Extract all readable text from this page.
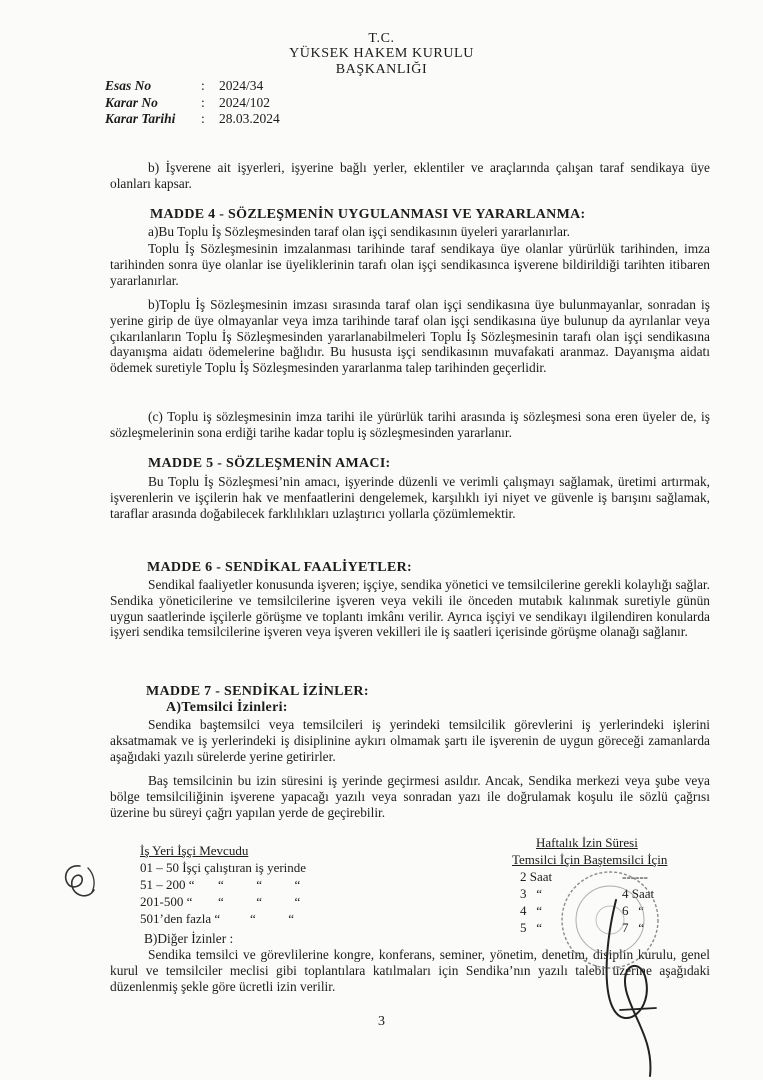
T.C.
YÜKSEK HAKEM KURULU
BAŞKANLIĞI
Esas No	:	2024/34
Karar No	:	2024/102
Karar Tarihi	:	28.03.2024
b) İşverene ait işyerleri, işyerine bağlı yerler, eklentiler ve araçlarında çalışan taraf sendikaya üye olanları kapsar.
MADDE 4 - SÖZLEŞMENİN UYGULANMASI VE YARARLANMA:
a)Bu Toplu İş Sözleşmesinden taraf olan işçi sendikasının üyeleri yararlanırlar.
Toplu İş Sözleşmesinin imzalanması tarihinde taraf sendikaya üye olanlar yürürlük tarihinden, imza tarihinden sonra üye olanlar ise üyeliklerinin tarafı olan işçi sendikasınca işverene bildirildiği tarihten itibaren yararlanırlar.
b)Toplu İş Sözleşmesinin imzası sırasında taraf olan işçi sendikasına üye bulunmayanlar, sonradan iş yerine girip de üye olmayanlar veya imza tarihinde taraf olan işçi sendikasına üye bulunup da ayrılanlar veya çıkarılanların Toplu İş Sözleşmesinden yararlanabilmeleri Toplu İş Sözleşmesinin tarafı olan işçi sendikasına dayanışma aidatı ödemelerine bağlıdır. Bu hususta işçi sendikasının muvafakati aranmaz. Dayanışma aidatı ödemek suretiyle Toplu İş Sözleşmesinden yararlanma talep tarihinden geçerlidir.
(c) Toplu iş sözleşmesinin imza tarihi ile yürürlük tarihi arasında iş sözleşmesi sona eren üyeler de, iş sözleşmelerinin sona erdiği tarihe kadar toplu iş sözleşmesinden yararlanır.
MADDE 5 - SÖZLEŞMENİN AMACI:
Bu Toplu İş Sözleşmesi’nin amacı, işyerinde düzenli ve verimli çalışmayı sağlamak, üretimi artırmak, işverenlerin ve işçilerin hak ve menfaatlerini dengelemek, karşılıklı iyi niyet ve güvenle iş barışını sağlamak, taraflar arasında doğabilecek farklılıkları uzlaştırıcı yollarla çözümlemektir.
MADDE 6 - SENDİKAL FAALİYETLER:
Sendikal faaliyetler konusunda işveren; işçiye, sendika yönetici ve temsilcilerine gerekli kolaylığı sağlar. Sendika yöneticilerine ve temsilcilerine işveren veya vekili ile önceden mutabık kalınmak suretiyle günün uygun saatlerinde işçilerle görüşme ve toplantı imkânı verilir. Ayrıca işçiyi ve sendikayı ilgilendiren konularda işyeri sendika temsilcilerine işveren veya işveren vekilleri ile iş saatleri içerisinde görüşme olanağı sağlanır.
MADDE 7 - SENDİKAL İZİNLER:
A)Temsilci İzinleri:
Sendika baştemsilci veya temsilcileri iş yerindeki temsilcilik görevlerini iş yerlerindeki işlerini aksatmamak ve iş yerlerindeki iş disiplinine aykırı olmamak şartı ile işverenin de uygun göreceği zamanlarda aşağıdaki yazılı sürelerde yerine getirirler.
Baş temsilcinin bu izin süresini iş yerinde geçirmesi asıldır. Ancak, Sendika merkezi veya şube veya bölge temsilciliğinin işverene yapacağı yazılı veya sonradan yazı ile doğrulamak koşulu ile sözlü çağrısı üzerine bu süreyi çağrı yapılan yerde de geçirebilir.
İş Yeri İşçi Mevcudu
01 – 50 İşçi çalıştıran iş yerinde
51 – 200 “ “          “          “
201-500 “ “          “          “
501’den fazla “ “          “
Haftalık İzin Süresi
Temsilci İçin Baştemsilci İçin
2 Saat	------
3   “	4 Saat
4   “	6   “
5   “	7   “
B)Diğer İzinler :
Sendika temsilci ve görevlilerine kongre, konferans, seminer, yönetim, denetim, disiplin kurulu, genel kurul ve temsilciler meclisi gibi toplantılara katılmaları için Sendika’nın yazılı talebi üzerine aşağıdaki düzenlenmiş şekle göre ücretli izin verilir.
3
